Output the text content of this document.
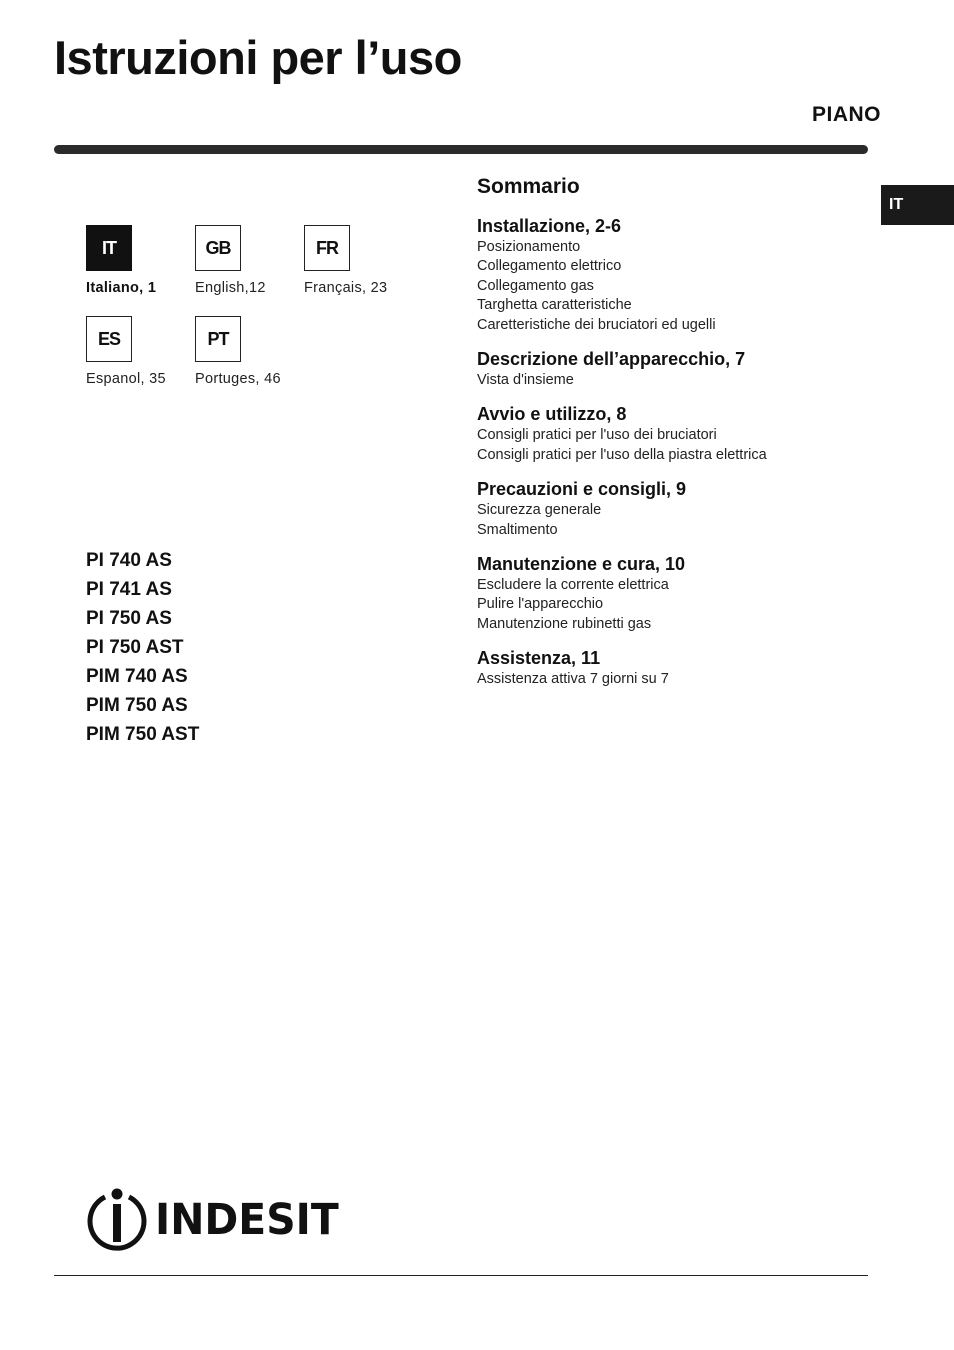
Istruzioni per l’uso
PIANO
IT
IT
Italiano, 1
GB
English,12
FR
Français, 23
ES
Espanol, 35
PT
Portuges, 46
PI 740 AS
PI 741 AS
PI 750 AS
PI 750 AST
PIM 740 AS
PIM 750 AS
PIM 750 AST
Sommario
Installazione, 2-6
Posizionamento
Collegamento elettrico
Collegamento gas
Targhetta caratteristiche
Caretteristiche dei bruciatori ed ugelli
Descrizione dell’apparecchio, 7
Vista d'insieme
Avvio e utilizzo, 8
Consigli pratici per l'uso dei bruciatori
Consigli pratici per l'uso della piastra elettrica
Precauzioni e consigli, 9
Sicurezza generale
Smaltimento
Manutenzione e cura, 10
Escludere la corrente elettrica
Pulire l'apparecchio
Manutenzione rubinetti gas
Assistenza, 11
Assistenza attiva 7 giorni su 7
INDESIT
